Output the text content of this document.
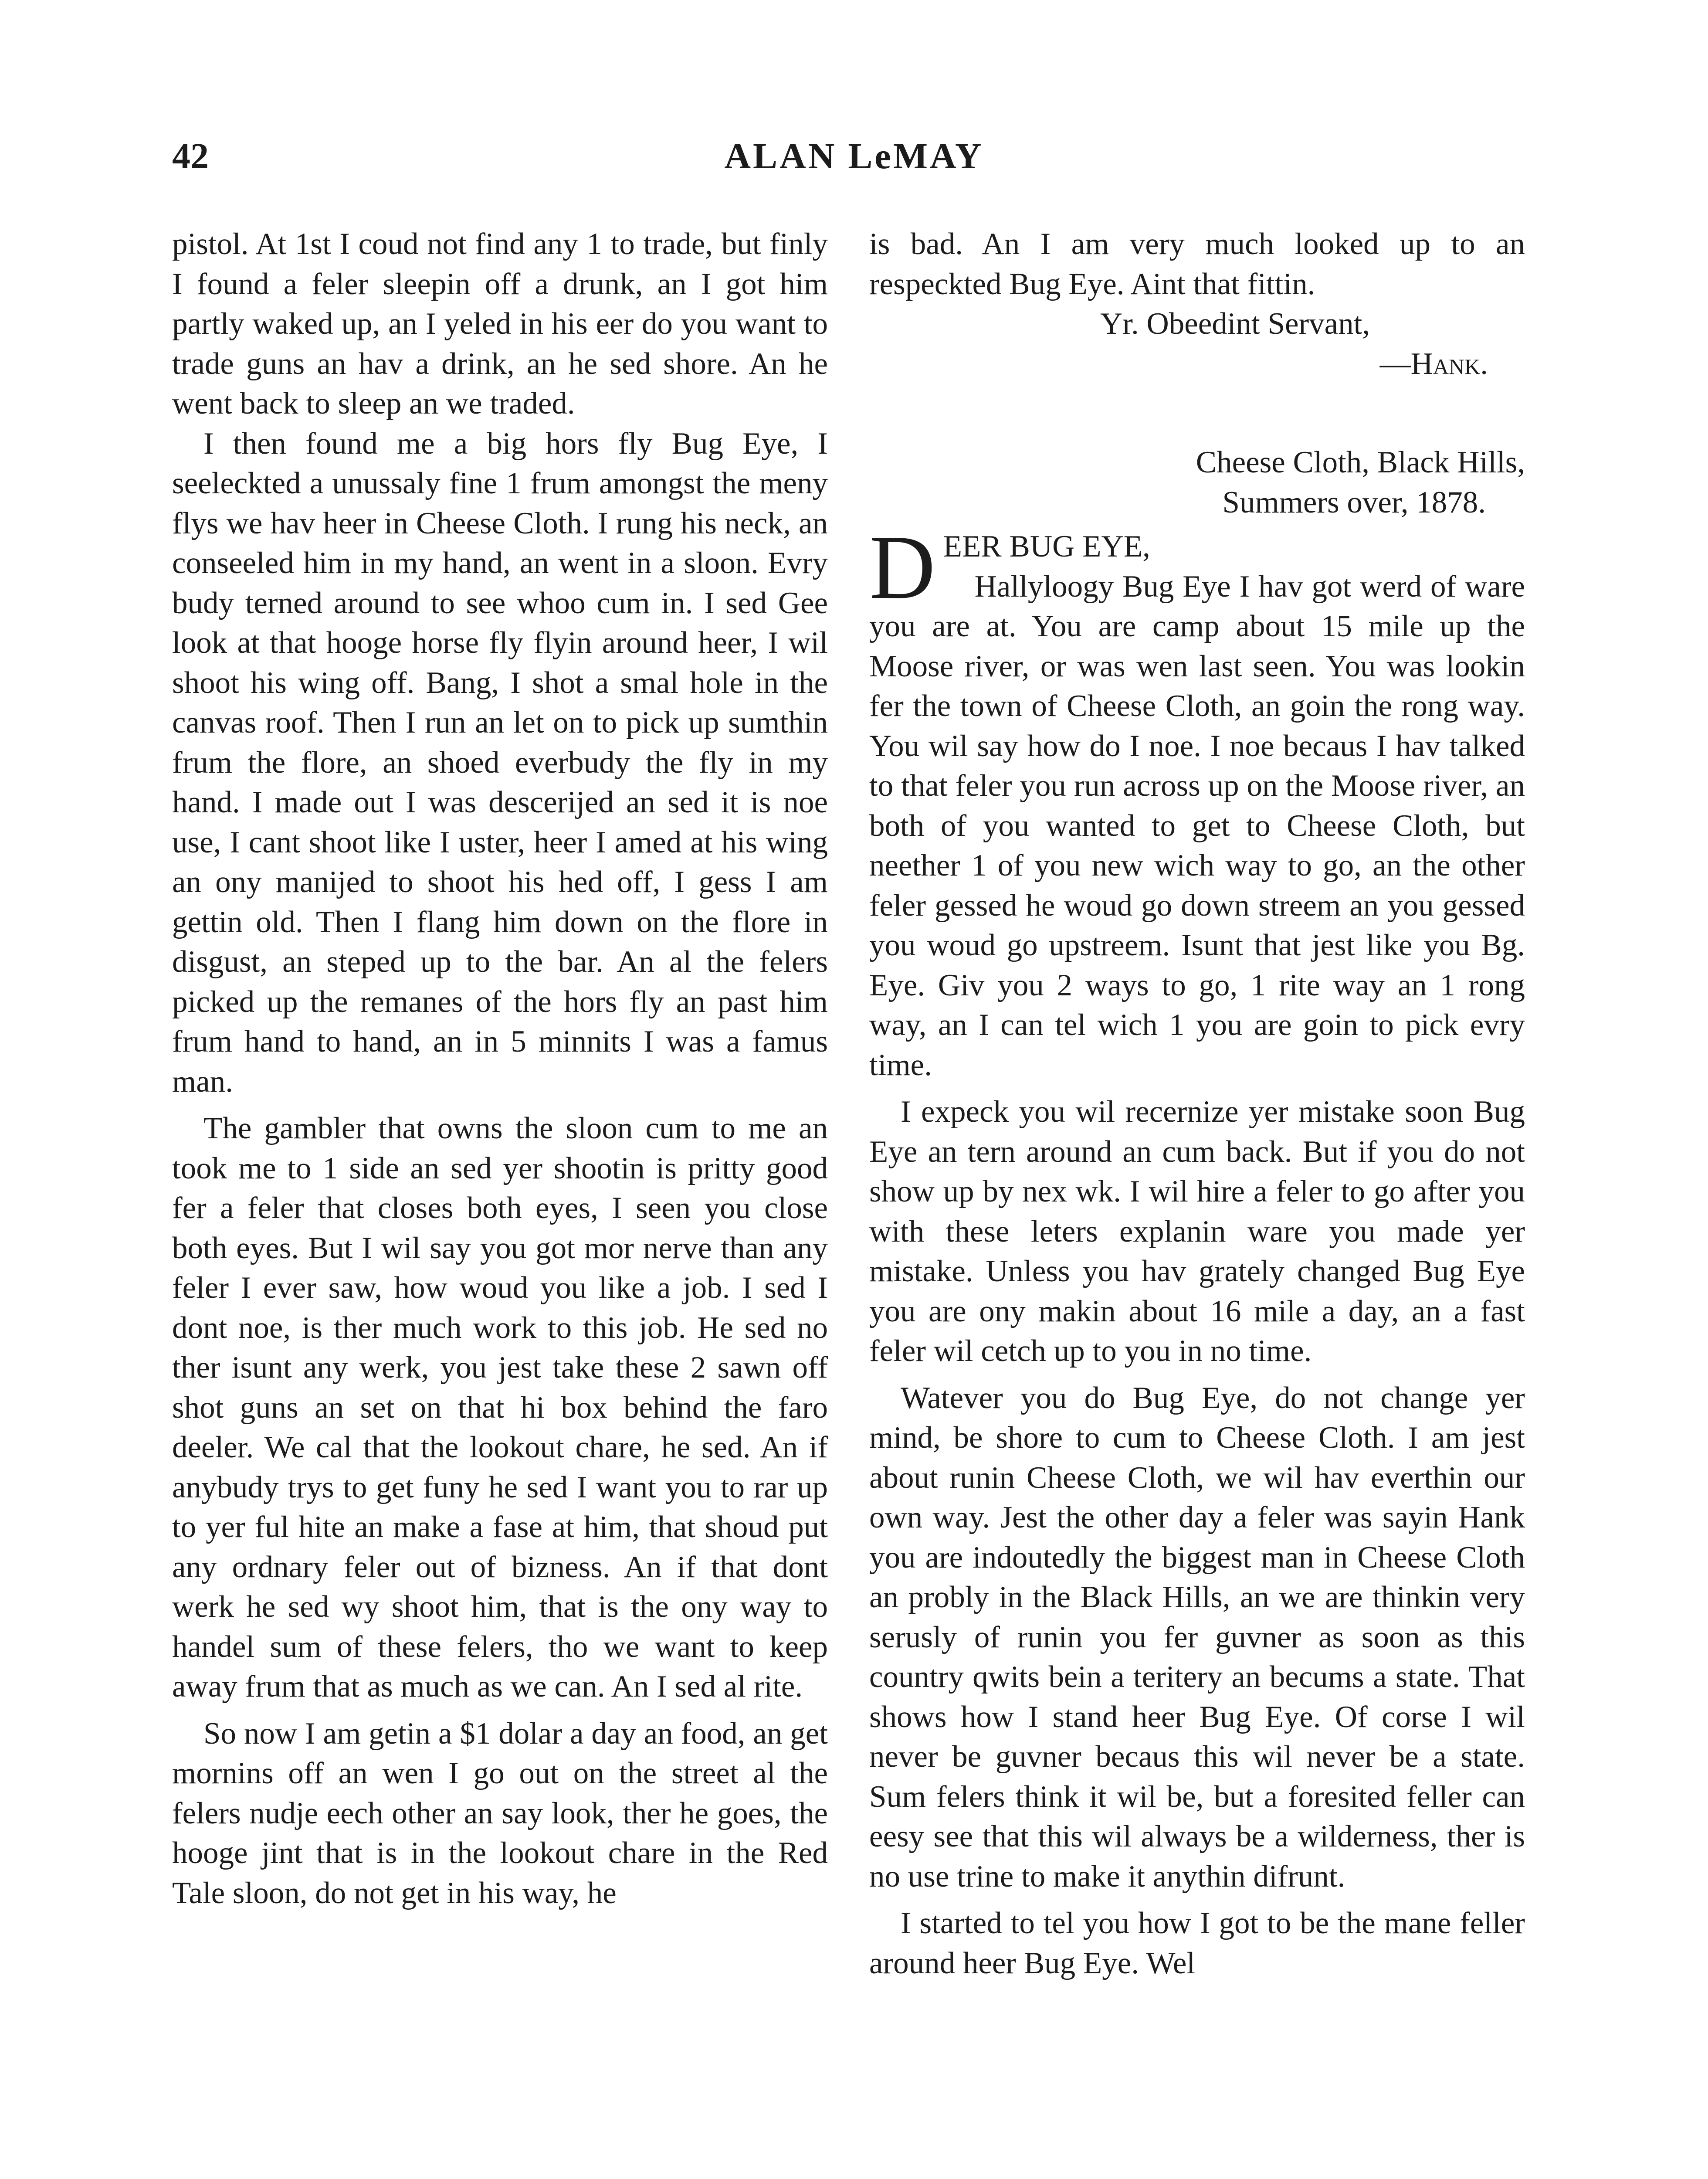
42	ALAN LeMAY

pistol. At 1st I coud not find any 1 to trade, but finly I found a feler sleepin off a drunk, an I got him partly waked up, an I yeled in his eer do you want to trade guns an hav a drink, an he sed shore. An he went back to sleep an we traded.

I then found me a big hors fly Bug Eye, I seeleckted a unussaly fine 1 frum amongst the meny flys we hav heer in Cheese Cloth. I rung his neck, an conseeled him in my hand, an went in a sloon. Evry budy terned around to see whoo cum in. I sed Gee look at that hooge horse fly flyin around heer, I wil shoot his wing off. Bang, I shot a smal hole in the canvas roof. Then I run an let on to pick up sumthin frum the flore, an shoed everbudy the fly in my hand. I made out I was descerijed an sed it is noe use, I cant shoot like I uster, heer I amed at his wing an ony manijed to shoot his hed off, I gess I am gettin old. Then I flang him down on the flore in disgust, an steped up to the bar. An al the felers picked up the remanes of the hors fly an past him frum hand to hand, an in 5 minnits I was a famus man.

The gambler that owns the sloon cum to me an took me to 1 side an sed yer shootin is pritty good fer a feler that closes both eyes, I seen you close both eyes. But I wil say you got mor nerve than any feler I ever saw, how woud you like a job. I sed I dont noe, is ther much work to this job. He sed no ther isunt any werk, you jest take these 2 sawn off shot guns an set on that hi box behind the faro deeler. We cal that the lookout chare, he sed. An if anybudy trys to get funy he sed I want you to rar up to yer ful hite an make a fase at him, that shoud put any ordnary feler out of bizness. An if that dont werk he sed wy shoot him, that is the ony way to handel sum of these felers, tho we want to keep away frum that as much as we can. An I sed al rite.

So now I am getin a $1 dolar a day an food, an get mornins off an wen I go out on the street al the felers nudje eech other an say look, ther he goes, the hooge jint that is in the lookout chare in the Red Tale sloon, do not get in his way, he

is bad. An I am very much looked up to an respeckted Bug Eye. Aint that fittin.

Yr. Obeedint Servant,

—Hank.

Cheese Cloth, Black Hills,

Summers over, 1878.

D EER BUG EYE,

Hallyloogy Bug Eye I hav got werd of ware you are at. You are camp about 15 mile up the Moose river, or was wen last seen. You was lookin fer the town of Cheese Cloth, an goin the rong way. You wil say how do I noe. I noe becaus I hav talked to that feler you run across up on the Moose river, an both of you wanted to get to Cheese Cloth, but neether 1 of you new wich way to go, an the other feler gessed he woud go down streem an you gessed you woud go upstreem. Isunt that jest like you Bg. Eye. Giv you 2 ways to go, 1 rite way an 1 rong way, an I can tel wich 1 you are goin to pick evry time.

I expeck you wil recernize yer mistake soon Bug Eye an tern around an cum back. But if you do not show up by nex wk. I wil hire a feler to go after you with these leters explanin ware you made yer mistake. Unless you hav grately changed Bug Eye you are ony makin about 16 mile a day, an a fast feler wil cetch up to you in no time.

Watever you do Bug Eye, do not change yer mind, be shore to cum to Cheese Cloth. I am jest about runin Cheese Cloth, we wil hav everthin our own way. Jest the other day a feler was sayin Hank you are indoutedly the biggest man in Cheese Cloth an probly in the Black Hills, an we are thinkin very serusly of runin you fer guvner as soon as this country qwits bein a teritery an becums a state. That shows how I stand heer Bug Eye. Of corse I wil never be guvner becaus this wil never be a state. Sum felers think it wil be, but a foresited feller can eesy see that this wil always be a wilderness, ther is no use trine to make it anythin difrunt.

I started to tel you how I got to be the mane feller around heer Bug Eye. Wel
